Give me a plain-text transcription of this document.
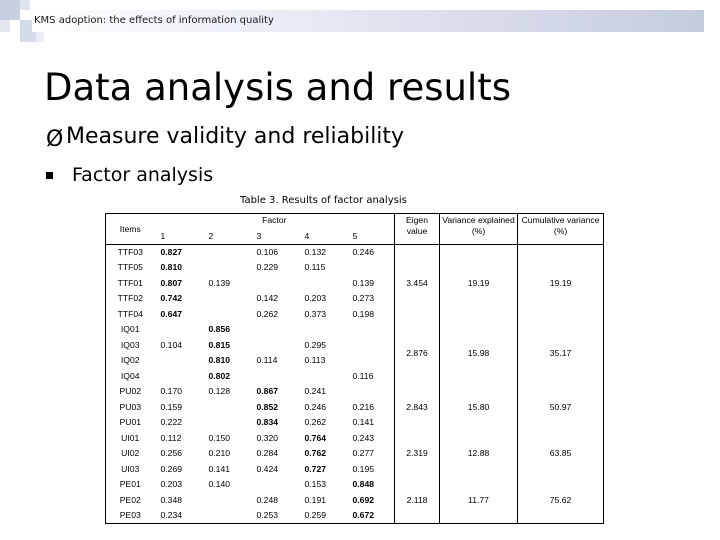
KMS adoption: the effects of information quality
Data analysis and results
Ø Measure validity and reliability
Factor analysis
Table 3. Results of factor analysis
Items	Factor					Eigen value	Variance explained (%)	Cumulative variance (%)
	1	2	3	4	5			
TTF03	0.827		0.106	0.132	0.246	3.454	19.19	19.19
TTF05	0.810		0.229	0.115				
TTF01	0.807	0.139			0.139			
TTF02	0.742		0.142	0.203	0.273			
TTF04	0.647		0.262	0.373	0.198			
IQ01		0.856				2.876	15.98	35.17
IQ03	0.104	0.815		0.295				
IQ02		0.810	0.114	0.113				
IQ04		0.802			0.116			
PU02	0.170	0.128	0.867	0.241		2.843	15.80	50.97
PU03	0.159		0.852	0.246	0.216			
PU01	0.222		0.834	0.262	0.141			
UI01	0.112	0.150	0.320	0.764	0.243	2.319	12.88	63.85
UI02	0.256	0.210	0.284	0.762	0.277			
UI03	0.269	0.141	0.424	0.727	0.195			
PE01	0.203	0.140		0.153	0.848	2.118	11.77	75.62
PE02	0.348		0.248	0.191	0.692			
PE03	0.234		0.253	0.259	0.672			
